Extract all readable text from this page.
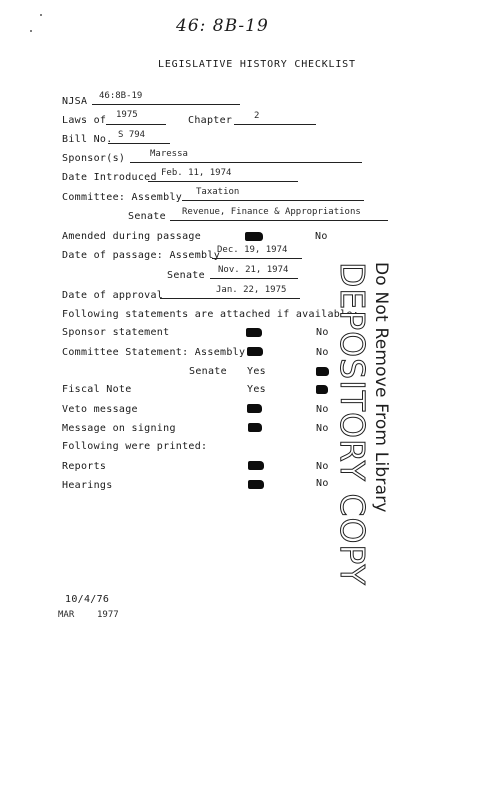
46: 8B-19
LEGISLATIVE HISTORY CHECKLIST
NJSA 46:8B-19
Laws of 1975	Chapter 2
Bill No. S 794
Sponsor(s)	Maressa
Date Introduced Feb. 11, 1974
Committee: Assembly Taxation
Senate Revenue, Finance & Appropriations
Amended during passage	No
Date of passage: Assembly
Dec. 19, 1974
Senate Nov. 21, 1974
Date of approval	Jan. 22, 1975
Following statements are attached if available:
Sponsor statement	No
Committee Statement: Assembly	No
Senate Yes
Fiscal Note	Yes
Veto message	No
Message on signing	No
Following were printed:
Reports	No
Hearings	No
10/4/76
MAR	1977
Do Not Remove From Library
DEPOSITORY COPY
